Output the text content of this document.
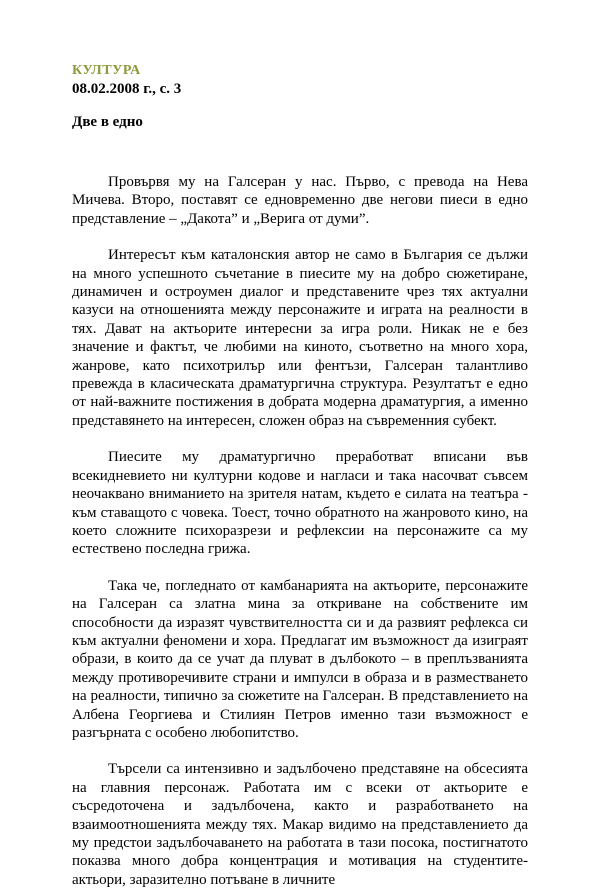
КУЛТУРА
08.02.2008 г., с. 3
Две в едно

Провървя му на Галсеран у нас. Първо, с превода на Нева Мичева. Второ, поставят се едновременно две негови пиеси в едно представление – „Дакота” и „Верига от думи”.

Интересът към каталонския автор не само в България се дължи на много успешното съчетание в пиесите му на добро сюжетиране, динамичен и остроумен диалог и представените чрез тях актуални казуси на отношенията между персонажите и играта на реалности в тях. Дават на актьорите интересни за игра роли. Никак не е без значение и фактът, че любими на киното, съответно на много хора, жанрове, като психотрилър или фентъзи, Галсеран талантливо превежда в класическата драматургична структура. Резултатът е едно от най-важните постижения в добрата модерна драматургия, а именно представянето на интересен, сложен образ на съвременния субект.

Пиесите му драматургично преработват вписани във всекидневието ни културни кодове и нагласи и така насочват съвсем неочаквано вниманието на зрителя натам, където е силата на театъра - към ставащото с човека. Тоест, точно обратното на жанровото кино, на което сложните психоразрези и рефлексии на персонажите са му естествено последна грижа.

Така че, погледнато от камбанарията на актьорите, персонажите на Галсеран са златна мина за откриване на собствените им способности да изразят чувствителността си и да развият рефлекса си към актуални феномени и хора. Предлагат им възможност да изиграят образи, в които да се учат да плуват в дълбокото – в преплъзванията между противоречивите страни и импулси в образа и в разместването на реалности, типично за сюжетите на Галсеран. В представлението на Албена Георгиева и Стилиян Петров именно тази възможност е разгърната с особено любопитство.

Търсели са интензивно и задълбочено представяне на обсесията на главния персонаж. Работата им с всеки от актьорите е съсредоточена и задълбочена, както и разработването на взаимоотношенията между тях. Макар видимо на представлението да му предстои задълбочаването на работата в тази посока, постигнатото показва много добра концентрация и мотивация на студентите-актьори, заразително потъване в личните
